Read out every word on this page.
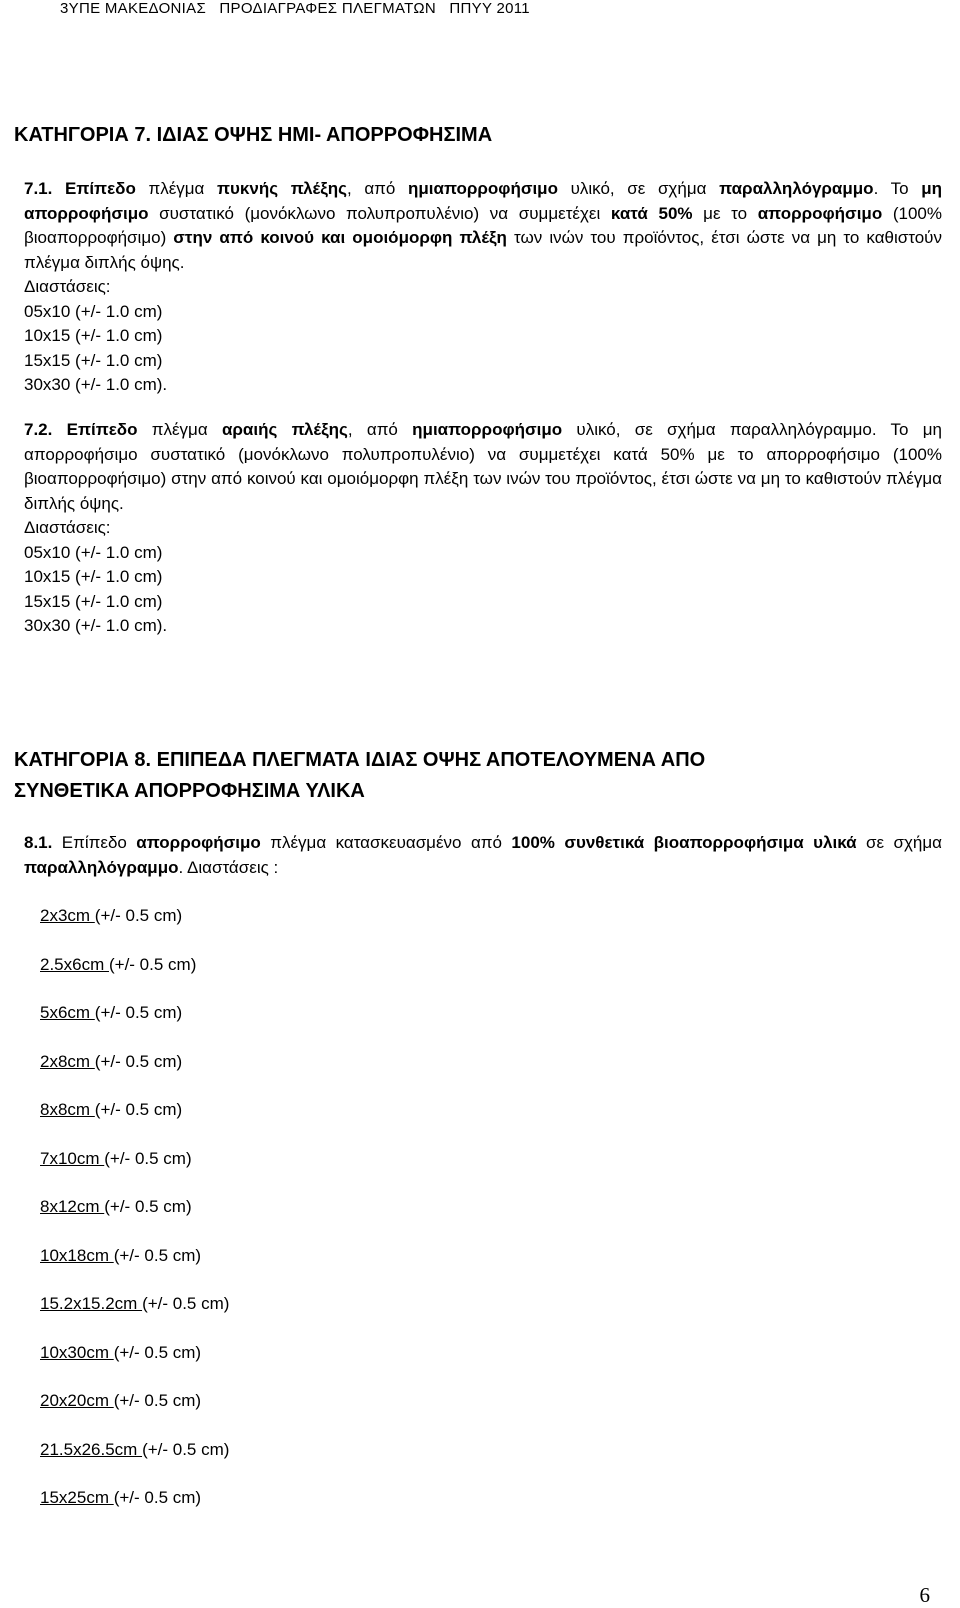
3ΥΠΕ ΜΑΚΕΔΟΝΙΑΣ   ΠΡΟΔΙΑΓΡΑΦΕΣ ΠΛΕΓΜΑΤΩΝ   ΠΠΥΥ 2011
ΚΑΤΗΓΟΡΙΑ 7. ΙΔΙΑΣ ΟΨΗΣ ΗΜΙ- ΑΠΟΡΡΟΦΗΣΙΜΑ
7.1. Επίπεδο πλέγμα πυκνής πλέξης, από ημιαπορροφήσιμο υλικό, σε σχήμα παραλληλόγραμμο. Το μη απορροφήσιμο συστατικό (μονόκλωνο πολυπροπυλένιο) να συμμετέχει κατά 50% με το απορροφήσιμο (100% βιοαπορροφήσιμο) στην από κοινού και ομοιόμορφη πλέξη των ινών του προϊόντος, έτσι ώστε να μη το καθιστούν πλέγμα διπλής όψης.
Διαστάσεις:
05x10 (+/- 1.0 cm)
10x15 (+/- 1.0 cm)
15x15 (+/- 1.0 cm)
30x30 (+/- 1.0 cm).
7.2. Επίπεδο πλέγμα αραιής πλέξης, από ημιαπορροφήσιμο υλικό, σε σχήμα παραλληλόγραμμο. Το μη απορροφήσιμο συστατικό (μονόκλωνο πολυπροπυλένιο) να συμμετέχει κατά 50% με το απορροφήσιμο (100% βιοαπορροφήσιμο) στην από κοινού και ομοιόμορφη πλέξη των ινών του προϊόντος, έτσι ώστε να μη το καθιστούν πλέγμα διπλής όψης.
Διαστάσεις:
05x10 (+/- 1.0 cm)
10x15 (+/- 1.0 cm)
15x15 (+/- 1.0 cm)
30x30 (+/- 1.0 cm).
ΚΑΤΗΓΟΡΙΑ 8. ΕΠΙΠΕΔΑ ΠΛΕΓΜΑΤΑ ΙΔΙΑΣ ΟΨΗΣ ΑΠΟΤΕΛΟΥΜΕΝΑ ΑΠΟ
ΣΥΝΘΕΤΙΚΑ ΑΠΟΡΡΟΦΗΣΙΜΑ ΥΛΙΚΑ
8.1. Επίπεδο απορροφήσιμο πλέγμα κατασκευασμένο από 100% συνθετικά βιοαπορροφήσιμα υλικά σε σχήμα παραλληλόγραμμο. Διαστάσεις :
2x3cm (+/- 0.5 cm)
2.5x6cm (+/- 0.5 cm)
5x6cm (+/- 0.5 cm)
2x8cm (+/- 0.5 cm)
8x8cm (+/- 0.5 cm)
7x10cm (+/- 0.5 cm)
8x12cm (+/- 0.5 cm)
10x18cm (+/- 0.5 cm)
15.2x15.2cm (+/- 0.5 cm)
10x30cm (+/- 0.5 cm)
20x20cm (+/- 0.5 cm)
21.5x26.5cm (+/- 0.5 cm)
15x25cm (+/- 0.5 cm)
6
